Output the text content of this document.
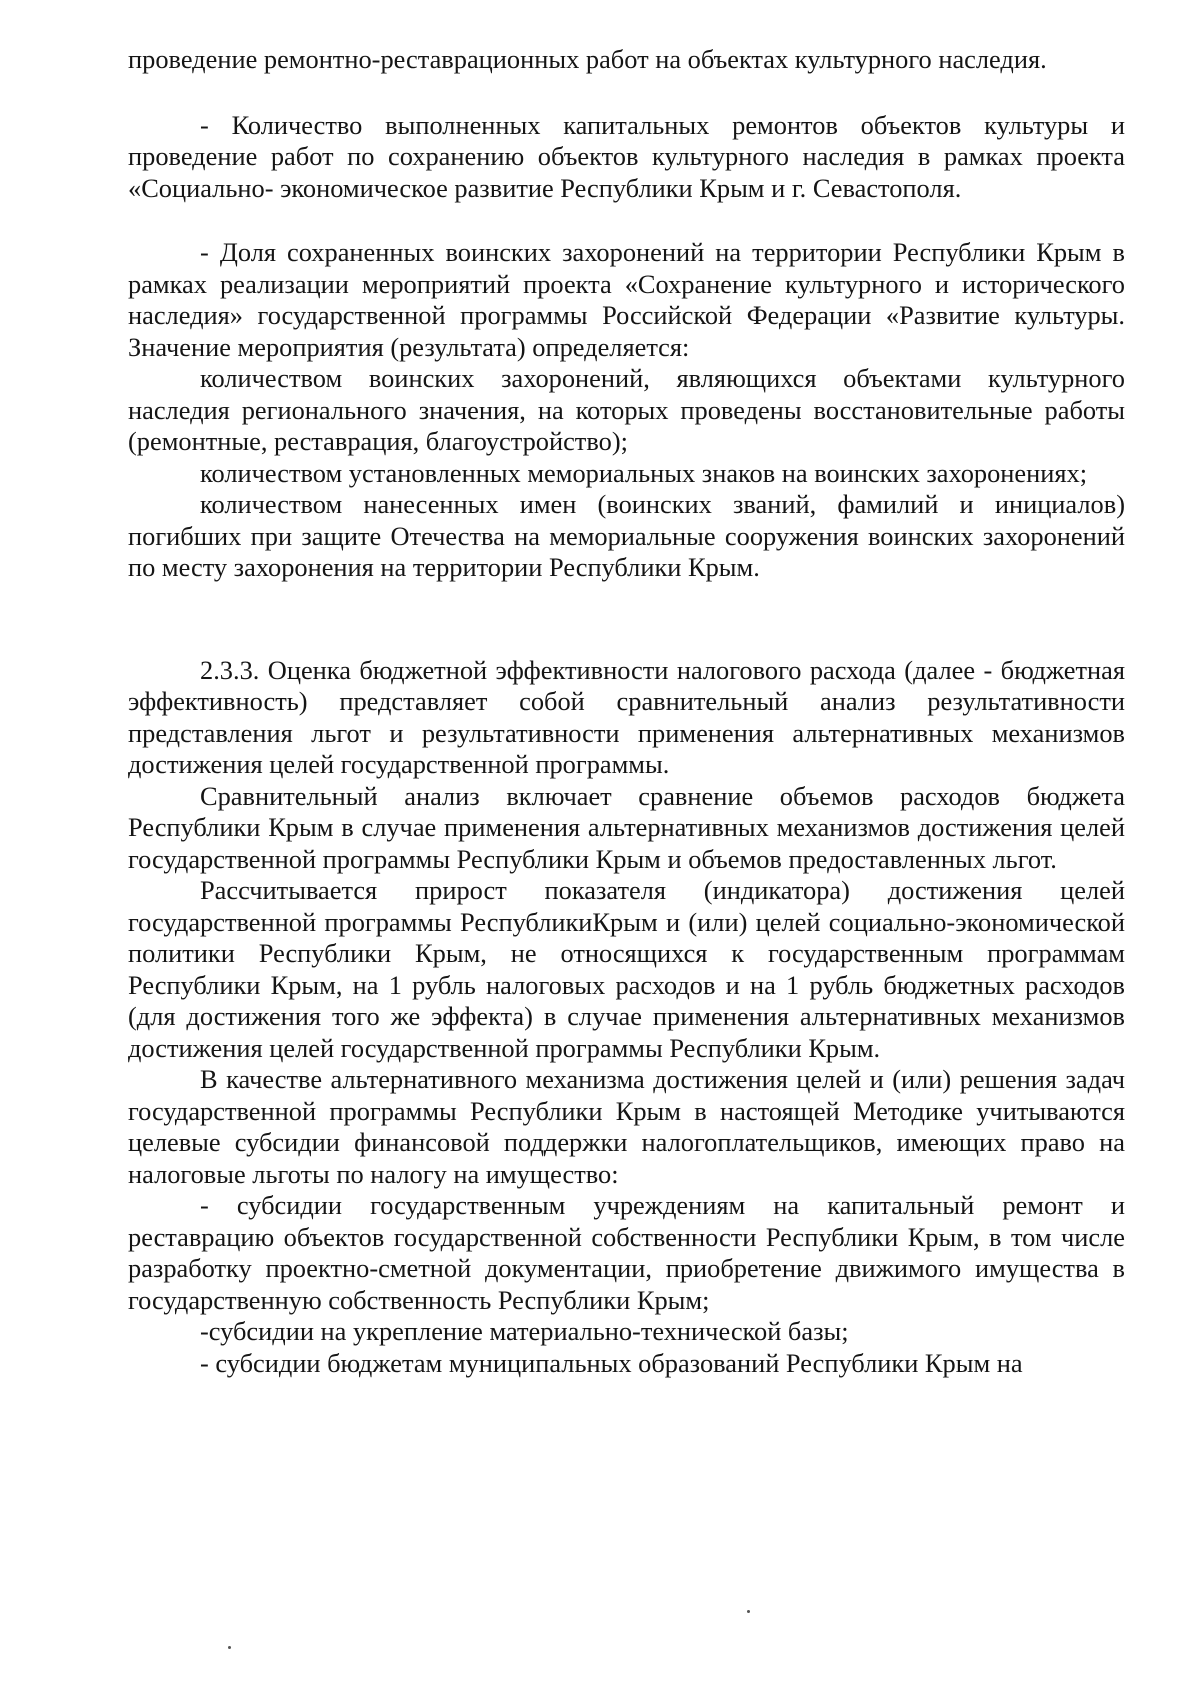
проведение ремонтно-реставрационных работ на объектах культурного наследия.

- Количество выполненных капитальных ремонтов объектов культуры и проведение работ по сохранению объектов культурного наследия в рамках проекта «Социально- экономическое развитие Республики Крым и г. Севастополя.

- Доля сохраненных воинских захоронений на территории Республики Крым в рамках реализации мероприятий проекта «Сохранение культурного и исторического наследия» государственной программы Российской Федерации «Развитие культуры. Значение мероприятия (результата) определяется:

количеством воинских захоронений, являющихся объектами культурного наследия регионального значения, на которых проведены восстановительные работы (ремонтные, реставрация, благоустройство);

количеством установленных мемориальных знаков на воинских захоронениях;

количеством нанесенных имен (воинских званий, фамилий и инициалов) погибших при защите Отечества на мемориальные сооружения воинских захоронений по месту захоронения на территории Республики Крым.

2.3.3. Оценка бюджетной эффективности налогового расхода (далее - бюджетная эффективность) представляет собой сравнительный анализ результативности представления льгот и результативности применения альтернативных механизмов достижения целей государственной программы.

Сравнительный анализ включает сравнение объемов расходов бюджета Республики Крым в случае применения альтернативных механизмов достижения целей государственной программы Республики Крым и объемов предоставленных льгот.

Рассчитывается прирост показателя (индикатора) достижения целей государственной программы РеспубликиКрым и (или) целей социально-экономической политики Республики Крым, не относящихся к государственным программам Республики Крым, на 1 рубль налоговых расходов и на 1 рубль бюджетных расходов (для достижения того же эффекта) в случае применения альтернативных механизмов достижения целей государственной программы Республики Крым.

В качестве альтернативного механизма достижения целей и (или) решения задач государственной программы Республики Крым в настоящей Методике учитываются целевые субсидии финансовой поддержки налогоплательщиков, имеющих право на налоговые льготы по налогу на имущество:

- субсидии государственным учреждениям на капитальный ремонт и реставрацию объектов государственной собственности Республики Крым, в том числе разработку проектно-сметной документации, приобретение движимого имущества в государственную собственность Республики Крым;

-субсидии на укрепление материально-технической базы;

- субсидии бюджетам муниципальных образований Республики Крым на
